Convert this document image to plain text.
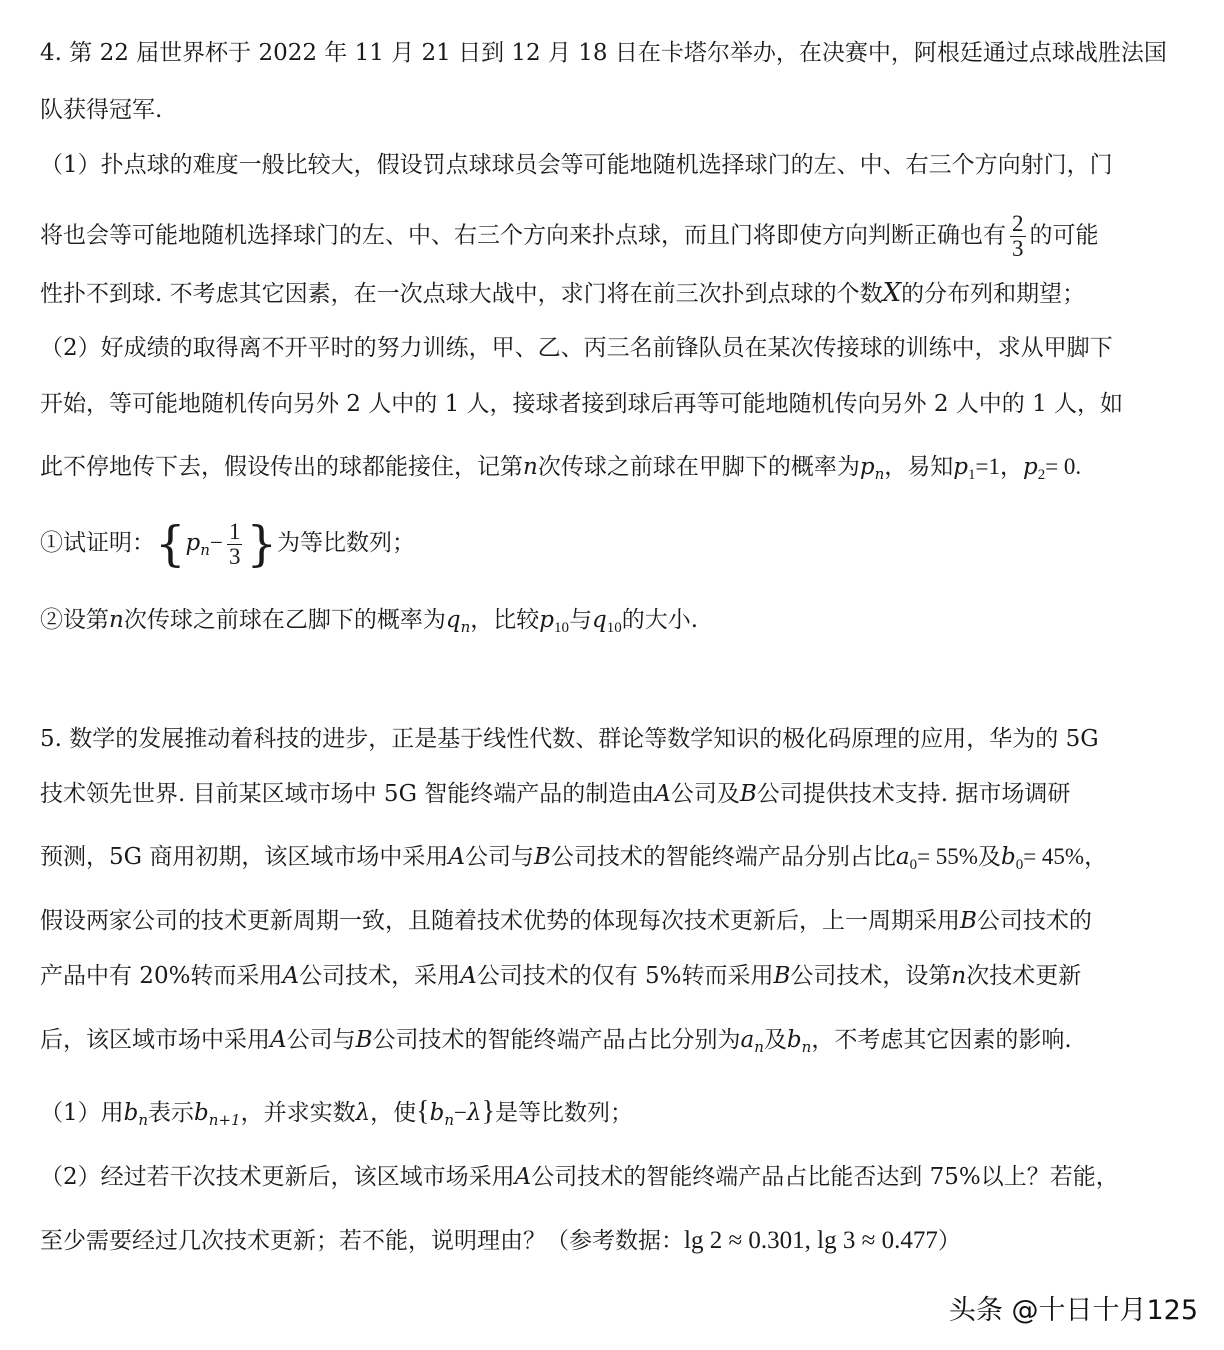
4. 第 22 届世界杯于 2022 年 11 月 21 日到 12 月 18 日在卡塔尔举办，在决赛中，阿根廷通过点球战胜法国
队获得冠军.
（1）扑点球的难度一般比较大，假设罚点球球员会等可能地随机选择球门的左、中、右三个方向射门，门
将也会等可能地随机选择球门的左、中、右三个方向来扑点球，而且门将即使方向判断正确也有 $\frac{2}{3}$ 的可能
性扑不到球. 不考虑其它因素，在一次点球大战中，求门将在前三次扑到点球的个数X的分布列和期望；
（2）好成绩的取得离不开平时的努力训练，甲、乙、丙三名前锋队员在某次传接球的训练中，求从甲脚下
开始，等可能地随机传向另外 2 人中的 1 人，接球者接到球后再等可能地随机传向另外 2 人中的 1 人，如
此不停地传下去，假设传出的球都能接住，记第n次传球之前球在甲脚下的概率为$p_n$，易知$p_1=1$，$p_2= 0$.
①试证明：{$p_n- \frac{1}{3}$ }为等比数列；
②设第n次传球之前球在乙脚下的概率为$q_n$，比较$p_{10}$与$q_{10}$的大小.
5. 数学的发展推动着科技的进步，正是基于线性代数、群论等数学知识的极化码原理的应用，华为的 5G
技术领先世界. 目前某区域市场中 5G 智能终端产品的制造由A公司及B公司提供技术支持. 据市场调研
预测，5G 商用初期，该区域市场中采用A公司与B公司技术的智能终端产品分别占比$a_0= 55\%$及$b_0= 45\%$，
假设两家公司的技术更新周期一致，且随着技术优势的体现每次技术更新后，上一周期采用B公司技术的
产品中有 20%转而采用A公司技术，采用A公司技术的仅有 5%转而采用B公司技术，设第n次技术更新
后，该区域市场中采用A公司与B公司技术的智能终端产品占比分别为$a_n$及$b_n$，不考虑其它因素的影响.
（1）用$b_n$表示$b_{n+1}$，并求实数λ，使$\{b_n-\lambda\}$是等比数列；
（2）经过若干次技术更新后，该区域市场采用A公司技术的智能终端产品占比能否达到 75%以上？若能，
至少需要经过几次技术更新；若不能，说明理由？（参考数据：lg 2 ≈ 0.301, lg 3 ≈ 0.477）
头条 @十日十月125
